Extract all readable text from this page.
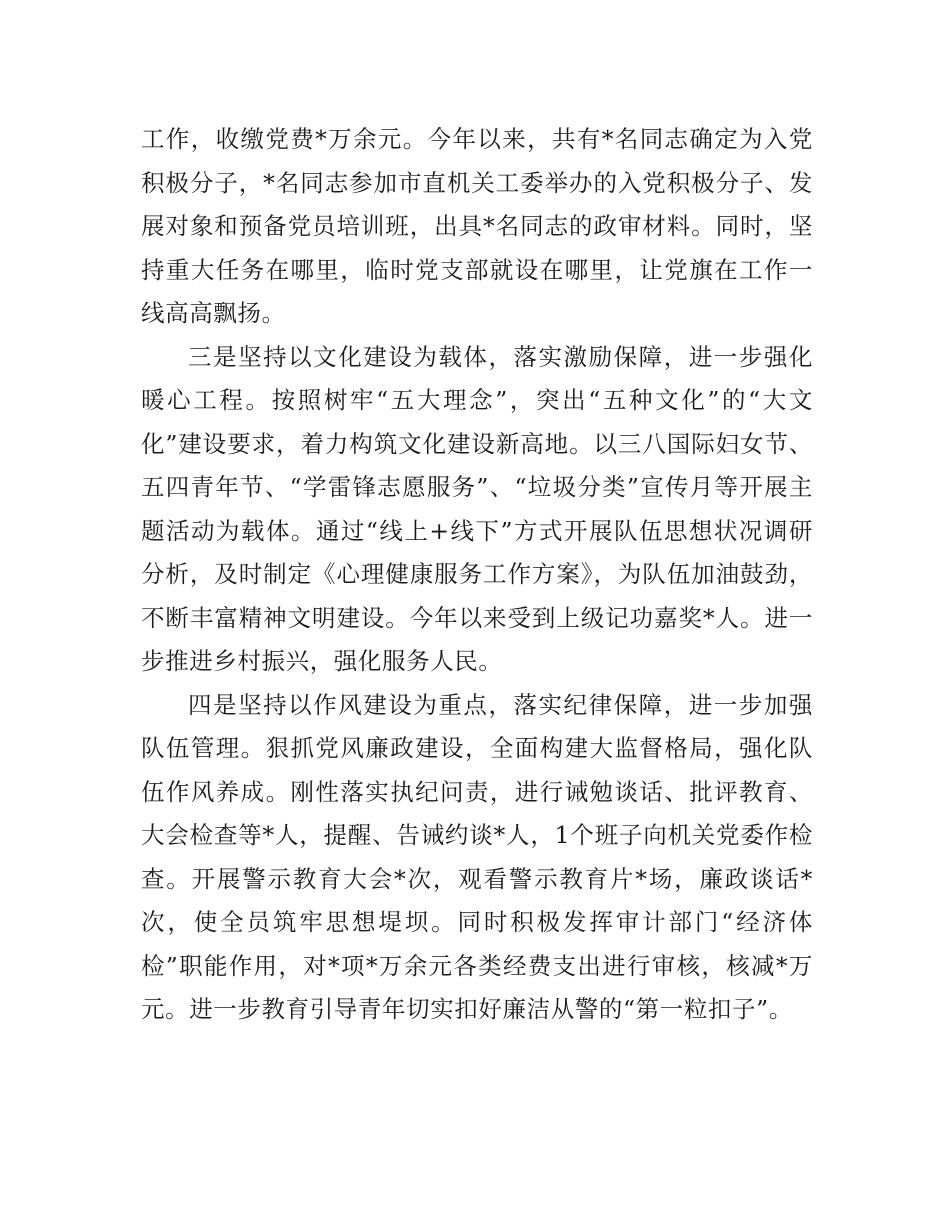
工作，收缴党费*万余元。今年以来，共有*名同志确定为入党积极分子，*名同志参加市直机关工委举办的入党积极分子、发展对象和预备党员培训班，出具*名同志的政审材料。同时，坚持重大任务在哪里，临时党支部就设在哪里，让党旗在工作一线高高飘扬。

三是坚持以文化建设为载体，落实激励保障，进一步强化暖心工程。按照树牢“五大理念”，突出“五种文化”的“大文化”建设要求，着力构筑文化建设新高地。以三八国际妇女节、五四青年节、“学雷锋志愿服务”、“垃圾分类”宣传月等开展主题活动为载体。通过“线上+线下”方式开展队伍思想状况调研分析，及时制定《心理健康服务工作方案》，为队伍加油鼓劲，不断丰富精神文明建设。今年以来受到上级记功嘉奖*人。进一步推进乡村振兴，强化服务人民。

四是坚持以作风建设为重点，落实纪律保障，进一步加强队伍管理。狠抓党风廉政建设，全面构建大监督格局，强化队伍作风养成。刚性落实执纪问责，进行诫勉谈话、批评教育、大会检查等*人，提醒、告诫约谈*人，1个班子向机关党委作检查。开展警示教育大会*次，观看警示教育片*场，廉政谈话*次，使全员筑牢思想堤坝。同时积极发挥审计部门“经济体检”职能作用，对*项*万余元各类经费支出进行审核，核减*万元。进一步教育引导青年切实扣好廉洁从警的“第一粒扣子”。
